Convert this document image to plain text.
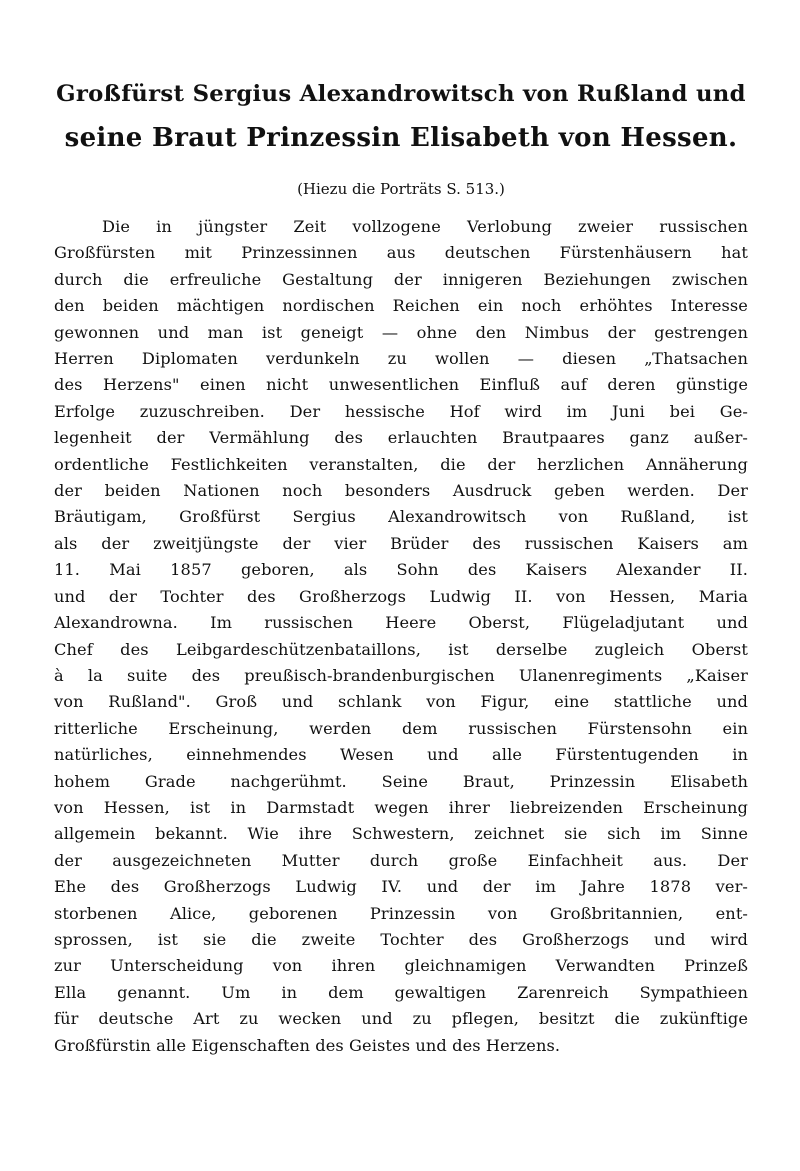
Großfürst Sergius Alexandrowitsch von Rußland und
seine Braut Prinzessin Elisabeth von Hessen.
(Hiezu die Porträts S. 513.)
Die in jüngster Zeit vollzogene Verlobung zweier russischen
Großfürsten mit Prinzessinnen aus deutschen Fürstenhäusern hat
durch die erfreuliche Gestaltung der innigeren Beziehungen zwischen
den beiden mächtigen nordischen Reichen ein noch erhöhtes Interesse
gewonnen und man ist geneigt — ohne den Nimbus der gestrengen
Herren Diplomaten verdunkeln zu wollen — diesen „Thatsachen
des Herzens" einen nicht unwesentlichen Einfluß auf deren günstige
Erfolge zuzuschreiben. Der hessische Hof wird im Juni bei Ge-
legenheit der Vermählung des erlauchten Brautpaares ganz außer-
ordentliche Festlichkeiten veranstalten, die der herzlichen Annäherung
der beiden Nationen noch besonders Ausdruck geben werden. Der
Bräutigam, Großfürst Sergius Alexandrowitsch von Rußland, ist
als der zweitjüngste der vier Brüder des russischen Kaisers am
11. Mai 1857 geboren, als Sohn des Kaisers Alexander II.
und der Tochter des Großherzogs Ludwig II. von Hessen, Maria
Alexandrowna. Im russischen Heere Oberst, Flügeladjutant und
Chef des Leibgardeschützenbataillons, ist derselbe zugleich Oberst
à la suite des preußisch-brandenburgischen Ulanenregiments „Kaiser
von Rußland". Groß und schlank von Figur, eine stattliche und
ritterliche Erscheinung, werden dem russischen Fürstensohn ein
natürliches, einnehmendes Wesen und alle Fürstentugenden in
hohem Grade nachgerühmt. Seine Braut, Prinzessin Elisabeth
von Hessen, ist in Darmstadt wegen ihrer liebreizenden Erscheinung
allgemein bekannt. Wie ihre Schwestern, zeichnet sie sich im Sinne
der ausgezeichneten Mutter durch große Einfachheit aus. Der
Ehe des Großherzogs Ludwig IV. und der im Jahre 1878 ver-
storbenen Alice, geborenen Prinzessin von Großbritannien, ent-
sprossen, ist sie die zweite Tochter des Großherzogs und wird
zur Unterscheidung von ihren gleichnamigen Verwandten Prinzeß
Ella genannt. Um in dem gewaltigen Zarenreich Sympathieen
für deutsche Art zu wecken und zu pflegen, besitzt die zukünftige
Großfürstin alle Eigenschaften des Geistes und des Herzens.
